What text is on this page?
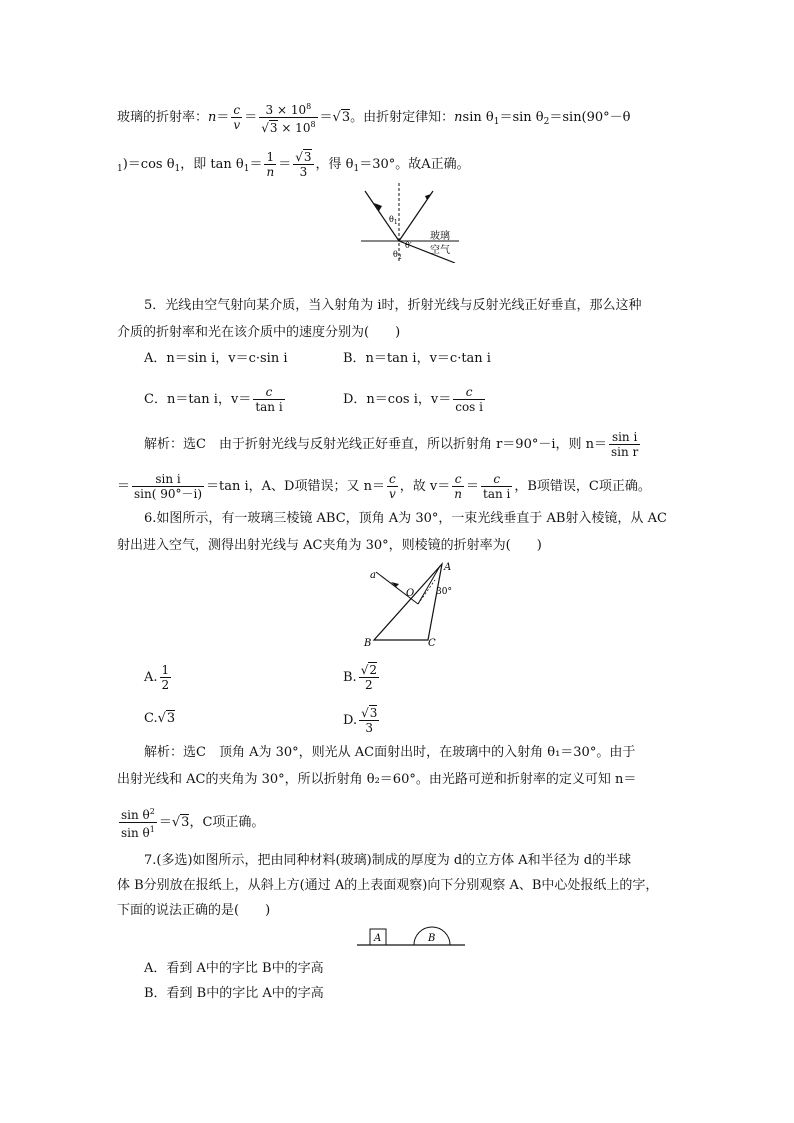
玻璃的折射率：$n= \frac{c}{v} = \frac{3 \times 10^8}{√3 \times 10^8} =√3$。由折射定律知：nsin $\theta_1=\sin$ $\theta_2=\sin(90^\circ-\theta$
$_1$)＝cos $\theta_1$，即 $\tan \theta_1= \frac{1}{n} = \frac{√3}{3}$ ，得 $\theta_1=30^\circ$。故A正确。
$\theta_1$
θ′
$\theta_2$
玻璃
空气
5．光线由空气射向某介质，当入射角为 i时，折射光线与反射光线正好垂直，那么这种
介质的折射率和光在该介质中的速度分别为(　　)
A．n＝sin i，v＝c·sin i	B．n＝tan i，v＝c·tan i
C．n＝tan i，$v= \frac{c}{\text{tan i}}$	D．n＝cos i，$v= \frac{c}{\text{cos i}}$
解析：选C　由于折射光线与反射光线正好垂直，所以折射角 r＝90°－i，则 $n= \frac{\text{sin i}}{\text{sin r}}$
＝ $\frac{\text{sin i}}{\sin( 90^\circ-i)} =\tan$ i，A、D项错误；又 $n= \frac{c}{v}$ ，故 $v= \frac{c}{n} = \frac{c}{\text{tan i}}$ ，B项错误，C项正确。
6.如图所示，有一玻璃三棱镜 ABC，顶角 A为 30°，一束光线垂直于 AB射入棱镜，从 AC
射出进入空气，测得出射光线与 AC夹角为 30°，则棱镜的折射率为(　　)
a
A
O 30°
B	C
A. $\frac{1}{2}$	B. $\frac{√2}{2}$
C.√3	D. $\frac{√3}{3}$
解析：选C　顶角 A为 30°，则光从 AC面射出时，在玻璃中的入射角 θ₁＝30°。由于
出射光线和 AC的夹角为 30°，所以折射角 θ₂＝60°。由光路可逆和折射率的定义可知 n＝
$\frac{\sin \theta^2}{\sin \theta^1} =√3$，C项正确。
7.(多选)如图所示，把由同种材料(玻璃)制成的厚度为 d的立方体 A和半径为 d的半球
体 B分别放在报纸上，从斜上方(通过 A的上表面观察)向下分别观察 A、B中心处报纸上的字，
下面的说法正确的是(　　)
A	B
A．看到 A中的字比 B中的字高
B．看到 B中的字比 A中的字高
